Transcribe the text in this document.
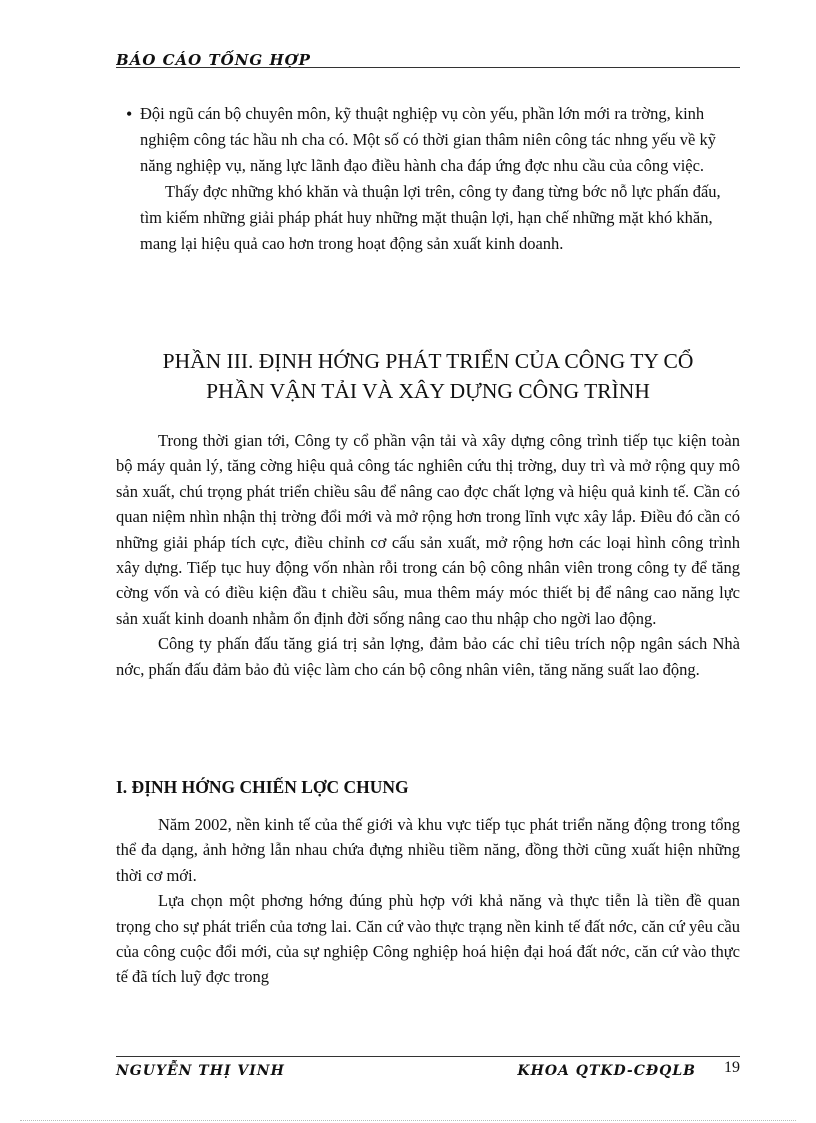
BÁO CÁO TỔNG HỢP
• Đội ngũ cán bộ chuyên môn, kỹ thuật nghiệp vụ còn yếu, phần lớn mới ra trờng, kinh nghiệm công tác hầu nh cha có. Một số có thời gian thâm niên công tác nhng yếu về kỹ năng nghiệp vụ, năng lực lãnh đạo điều hành cha đáp ứng đợc nhu cầu của công việc.
Thấy đợc những khó khăn và thuận lợi trên, công ty đang từng bớc nỗ lực phấn đấu, tìm kiếm những giải pháp phát huy những mặt thuận lợi, hạn chế những mặt khó khăn, mang lại hiệu quả cao hơn trong hoạt động sản xuất kinh doanh.
PHẦN III. ĐỊNH HỚNG PHÁT TRIỂN CỦA CÔNG TY CỔ
PHẦN VẬN TẢI VÀ XÂY DỰNG CÔNG TRÌNH

Trong thời gian tới, Công ty cổ phần vận tải và xây dựng công trình tiếp tục kiện toàn bộ máy quản lý, tăng cờng hiệu quả công tác nghiên cứu thị trờng, duy trì và mở rộng quy mô sản xuất, chú trọng phát triển chiều sâu để nâng cao đợc chất lợng và hiệu quả kinh tế. Cần có quan niệm nhìn nhận thị trờng đổi mới và mở rộng hơn trong lĩnh vực xây lắp. Điều đó cần có những giải pháp tích cực, điều chỉnh cơ cấu sản xuất, mở rộng hơn các loại hình công trình xây dựng. Tiếp tục huy động vốn nhàn rỗi trong cán bộ công nhân viên trong công ty để tăng cờng vốn và có điều kiện đầu t chiều sâu, mua thêm máy móc thiết bị để nâng cao năng lực sản xuất kinh doanh nhằm ổn định đời sống nâng cao thu nhập cho ngời lao động.

Công ty phấn đấu tăng giá trị sản lợng, đảm bảo các chỉ tiêu trích nộp ngân sách Nhà nớc, phấn đấu đảm bảo đủ việc làm cho cán bộ công nhân viên, tăng năng suất lao động.

I. ĐỊNH HỚNG CHIẾN LỢC CHUNG

Năm 2002, nền kinh tế của thế giới và khu vực tiếp tục phát triển năng động trong tổng thể đa dạng, ảnh hởng lẫn nhau chứa đựng nhiều tiềm năng, đồng thời cũng xuất hiện những thời cơ mới.

Lựa chọn một phơng hớng đúng phù hợp với khả năng và thực tiễn là tiền đề quan trọng cho sự phát triển của tơng lai. Căn cứ vào thực trạng nền kinh tế đất nớc, căn cứ yêu cầu của công cuộc đổi mới, của sự nghiệp Công nghiệp hoá hiện đại hoá đất nớc, căn cứ vào thực tế đã tích luỹ đợc trong

NGUYỄN THỊ VINH	KHOA QTKD-CĐQLB 19
